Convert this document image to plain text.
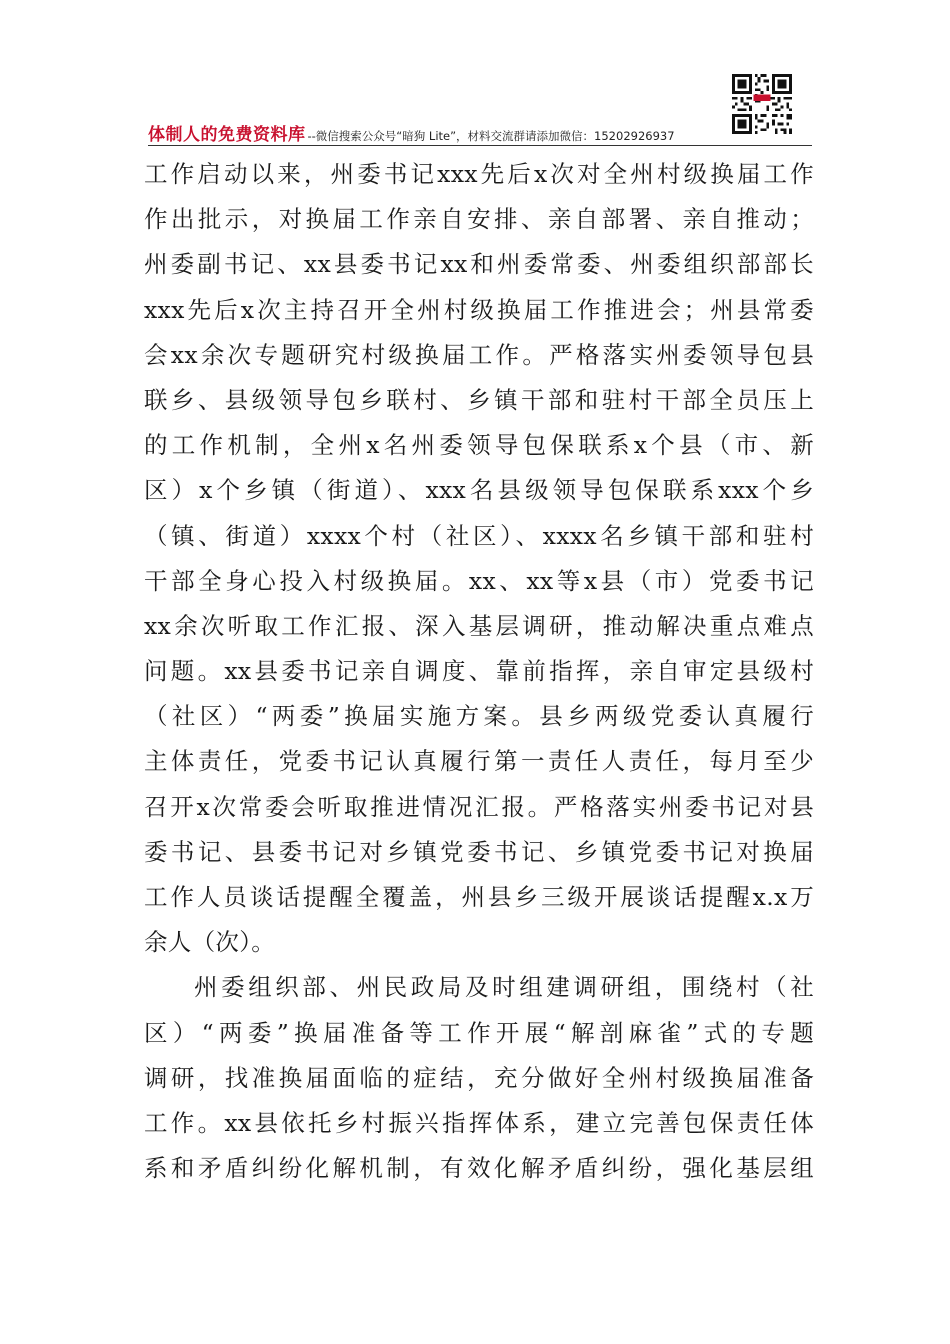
体制人的免费资料库 --微信搜索公众号“暗狗 Lite”，材料交流群请添加微信：15202926937
工作启动以来，州委书记xxx先后x次对全州村级换届工作
作出批示，对换届工作亲自安排、亲自部署、亲自推动；
州委副书记、xx县委书记xx和州委常委、州委组织部部长
xxx先后x次主持召开全州村级换届工作推进会；州县常委
会xx余次专题研究村级换届工作。严格落实州委领导包县
联乡、县级领导包乡联村、乡镇干部和驻村干部全员压上
的工作机制，全州x名州委领导包保联系x个县（市、新
区）x个乡镇（街道）、xxx名县级领导包保联系xxx个乡
（镇、街道）xxxx个村（社区）、xxxx名乡镇干部和驻村
干部全身心投入村级换届。xx、xx等x县（市）党委书记
xx余次听取工作汇报、深入基层调研，推动解决重点难点
问题。xx县委书记亲自调度、靠前指挥，亲自审定县级村
（社区）“两委”换届实施方案。县乡两级党委认真履行
主体责任，党委书记认真履行第一责任人责任，每月至少
召开x次常委会听取推进情况汇报。严格落实州委书记对县
委书记、县委书记对乡镇党委书记、乡镇党委书记对换届
工作人员谈话提醒全覆盖，州县乡三级开展谈话提醒x.x万
余人（次）。
州委组织部、州民政局及时组建调研组，围绕村（社
区）“两委”换届准备等工作开展“解剖麻雀”式的专题
调研，找准换届面临的症结，充分做好全州村级换届准备
工作。xx县依托乡村振兴指挥体系，建立完善包保责任体
系和矛盾纠纷化解机制，有效化解矛盾纠纷，强化基层组
